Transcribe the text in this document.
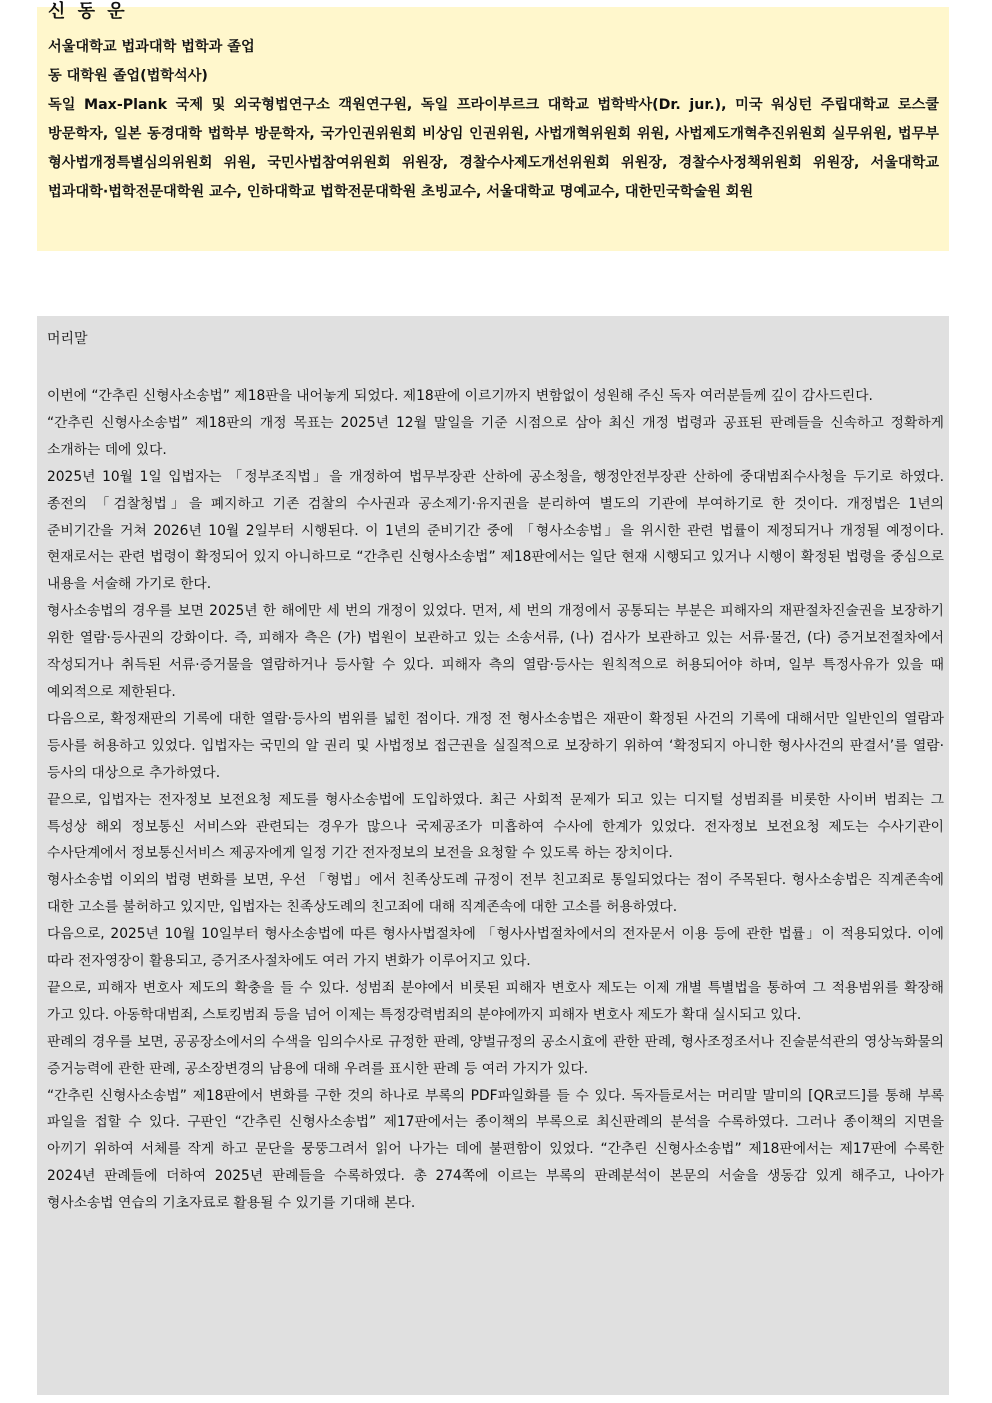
신 동 운

서울대학교 법과대학 법학과 졸업

동 대학원 졸업(법학석사)

독일 Max-Plank 국제 및 외국형법연구소 객원연구원, 독일 프라이부르크 대학교 법학박사(Dr. jur.), 미국 워싱턴 주립대학교 로스쿨 방문학자, 일본 동경대학 법학부 방문학자, 국가인권위원회 비상임 인권위원, 사법개혁위원회 위원, 사법제도개혁추진위원회 실무위원, 법무부 형사법개정특별심의위원회 위원, 국민사법참여위원회 위원장, 경찰수사제도개선위원회 위원장, 경찰수사정책위원회 위원장, 서울대학교 법과대학·법학전문대학원 교수, 인하대학교 법학전문대학원 초빙교수, 서울대학교 명예교수, 대한민국학술원 회원

머리말

이번에 “간추린 신형사소송법” 제18판을 내어놓게 되었다. 제18판에 이르기까지 변함없이 성원해 주신 독자 여러분들께 깊이 감사드린다.

“간추린 신형사소송법” 제18판의 개정 목표는 2025년 12월 말일을 기준 시점으로 삼아 최신 개정 법령과 공표된 판례들을 신속하고 정확하게 소개하는 데에 있다.

2025년 10월 1일 입법자는 「정부조직법」을 개정하여 법무부장관 산하에 공소청을, 행정안전부장관 산하에 중대범죄수사청을 두기로 하였다. 종전의 「검찰청법」을 폐지하고 기존 검찰의 수사권과 공소제기·유지권을 분리하여 별도의 기관에 부여하기로 한 것이다. 개정법은 1년의 준비기간을 거쳐 2026년 10월 2일부터 시행된다. 이 1년의 준비기간 중에 「형사소송법」을 위시한 관련 법률이 제정되거나 개정될 예정이다. 현재로서는 관련 법령이 확정되어 있지 아니하므로 “간추린 신형사소송법” 제18판에서는 일단 현재 시행되고 있거나 시행이 확정된 법령을 중심으로 내용을 서술해 가기로 한다.

형사소송법의 경우를 보면 2025년 한 해에만 세 번의 개정이 있었다. 먼저, 세 번의 개정에서 공통되는 부분은 피해자의 재판절차진술권을 보장하기 위한 열람·등사권의 강화이다. 즉, 피해자 측은 (가) 법원이 보관하고 있는 소송서류, (나) 검사가 보관하고 있는 서류·물건, (다) 증거보전절차에서 작성되거나 취득된 서류·증거물을 열람하거나 등사할 수 있다. 피해자 측의 열람·등사는 원칙적으로 허용되어야 하며, 일부 특정사유가 있을 때 예외적으로 제한된다.

다음으로, 확정재판의 기록에 대한 열람·등사의 범위를 넓힌 점이다. 개정 전 형사소송법은 재판이 확정된 사건의 기록에 대해서만 일반인의 열람과 등사를 허용하고 있었다. 입법자는 국민의 알 권리 및 사법정보 접근권을 실질적으로 보장하기 위하여 ‘확정되지 아니한 형사사건의 판결서’를 열람·등사의 대상으로 추가하였다.

끝으로, 입법자는 전자정보 보전요청 제도를 형사소송법에 도입하였다. 최근 사회적 문제가 되고 있는 디지털 성범죄를 비롯한 사이버 범죄는 그 특성상 해외 정보통신 서비스와 관련되는 경우가 많으나 국제공조가 미흡하여 수사에 한계가 있었다. 전자정보 보전요청 제도는 수사기관이 수사단계에서 정보통신서비스 제공자에게 일정 기간 전자정보의 보전을 요청할 수 있도록 하는 장치이다.

형사소송법 이외의 법령 변화를 보면, 우선 「형법」에서 친족상도례 규정이 전부 친고죄로 통일되었다는 점이 주목된다. 형사소송법은 직계존속에 대한 고소를 불허하고 있지만, 입법자는 친족상도례의 친고죄에 대해 직계존속에 대한 고소를 허용하였다.

다음으로, 2025년 10월 10일부터 형사소송법에 따른 형사사법절차에 「형사사법절차에서의 전자문서 이용 등에 관한 법률」이 적용되었다. 이에 따라 전자영장이 활용되고, 증거조사절차에도 여러 가지 변화가 이루어지고 있다.

끝으로, 피해자 변호사 제도의 확충을 들 수 있다. 성범죄 분야에서 비롯된 피해자 변호사 제도는 이제 개별 특별법을 통하여 그 적용범위를 확장해 가고 있다. 아동학대범죄, 스토킹범죄 등을 넘어 이제는 특정강력범죄의 분야에까지 피해자 변호사 제도가 확대 실시되고 있다.

판례의 경우를 보면, 공공장소에서의 수색을 임의수사로 규정한 판례, 양벌규정의 공소시효에 관한 판례, 형사조정조서나 진술분석관의 영상녹화물의 증거능력에 관한 판례, 공소장변경의 남용에 대해 우려를 표시한 판례 등 여러 가지가 있다.

“간추린 신형사소송법” 제18판에서 변화를 구한 것의 하나로 부록의 PDF파일화를 들 수 있다. 독자들로서는 머리말 말미의 [QR코드]를 통해 부록 파일을 접할 수 있다. 구판인 “간추린 신형사소송법” 제17판에서는 종이책의 부록으로 최신판례의 분석을 수록하였다. 그러나 종이책의 지면을 아끼기 위하여 서체를 작게 하고 문단을 뭉뚱그려서 읽어 나가는 데에 불편함이 있었다. “간추린 신형사소송법” 제18판에서는 제17판에 수록한 2024년 판례들에 더하여 2025년 판례들을 수록하였다. 총 274쪽에 이르는 부록의 판례분석이 본문의 서술을 생동감 있게 해주고, 나아가 형사소송법 연습의 기초자료로 활용될 수 있기를 기대해 본다.
